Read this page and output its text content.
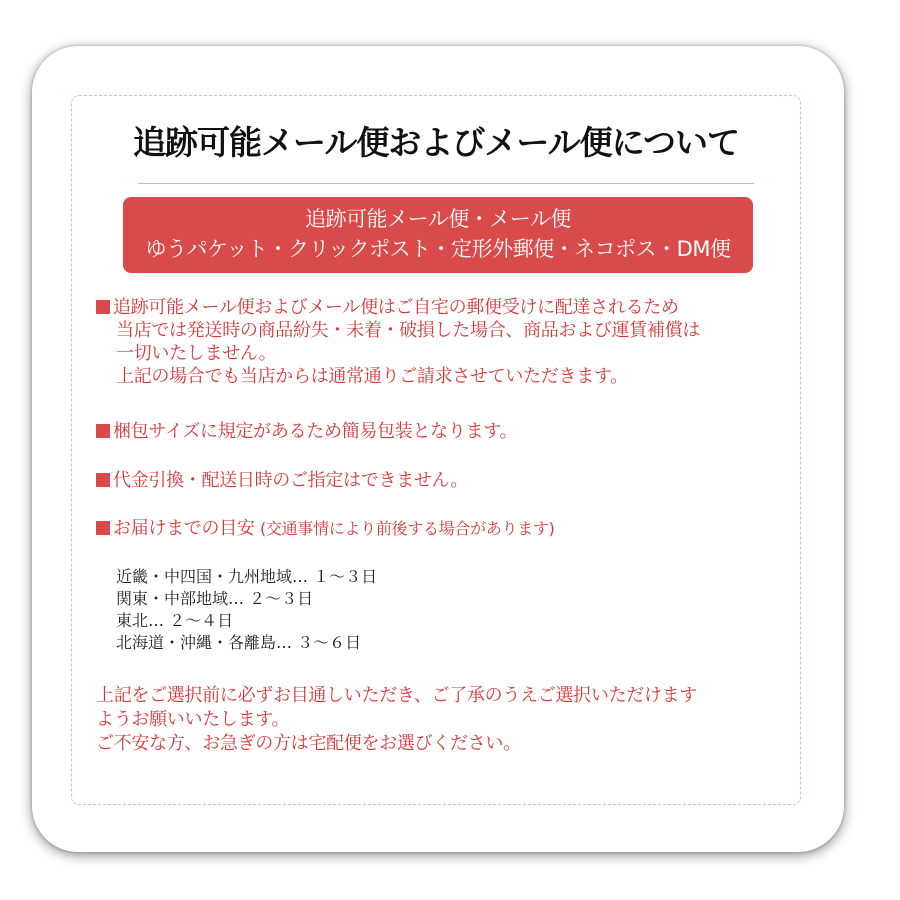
追跡可能メール便およびメール便について
追跡可能メール便・メール便
ゆうパケット・クリックポスト・定形外郵便・ネコポス・DM便
追跡可能メール便およびメール便はご自宅の郵便受けに配達されるため
当店では発送時の商品紛失・未着・破損した場合、商品および運賃補償は
一切いたしません。
上記の場合でも当店からは通常通りご請求させていただきます。
梱包サイズに規定があるため簡易包装となります。
代金引換・配送日時のご指定はできません。
お届けまでの目安 (交通事情により前後する場合があります)
近畿・中四国・九州地域… １～３日
関東・中部地域… ２～３日
東北… ２～４日
北海道・沖縄・各離島… ３～６日
上記をご選択前に必ずお目通しいただき、ご了承のうえご選択いただけます
ようお願いいたします。
ご不安な方、お急ぎの方は宅配便をお選びください。
